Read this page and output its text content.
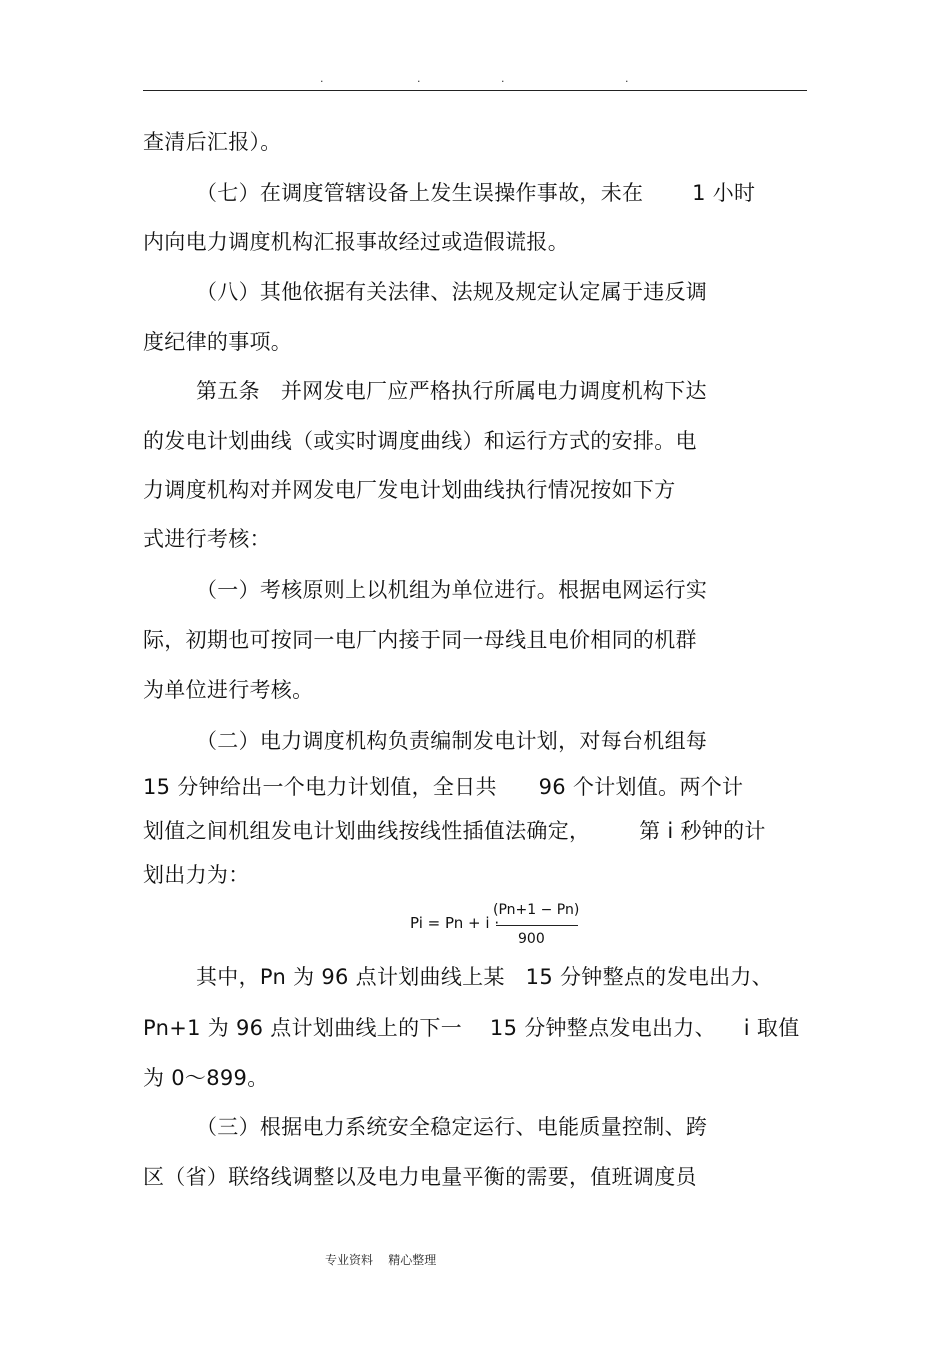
.	.	.	.
查清后汇报）。
（七）在调度管辖设备上发生误操作事故，未在       1 小时
内向电力调度机构汇报事故经过或造假谎报。
（八）其他依据有关法律、法规及规定认定属于违反调
度纪律的事项。
第五条   并网发电厂应严格执行所属电力调度机构下达
的发电计划曲线（或实时调度曲线）和运行方式的安排。电
力调度机构对并网发电厂发电计划曲线执行情况按如下方
式进行考核：
（一）考核原则上以机组为单位进行。根据电网运行实
际，初期也可按同一电厂内接于同一母线且电价相同的机群
为单位进行考核。
（二）电力调度机构负责编制发电计划，对每台机组每
15 分钟给出一个电力计划值，全日共      96 个计划值。两个计
划值之间机组发电计划曲线按线性插值法确定，       第 i 秒钟的计
划出力为：
Pi = Pn + i ·
(Pn+1 − Pn)
900
其中，Pn 为 96 点计划曲线上某   15 分钟整点的发电出力、
Pn+1 为 96 点计划曲线上的下一    15 分钟整点发电出力、    i 取值
为 0～899。
（三）根据电力系统安全稳定运行、电能质量控制、跨
区（省）联络线调整以及电力电量平衡的需要，值班调度员
专业资料    精心整理
